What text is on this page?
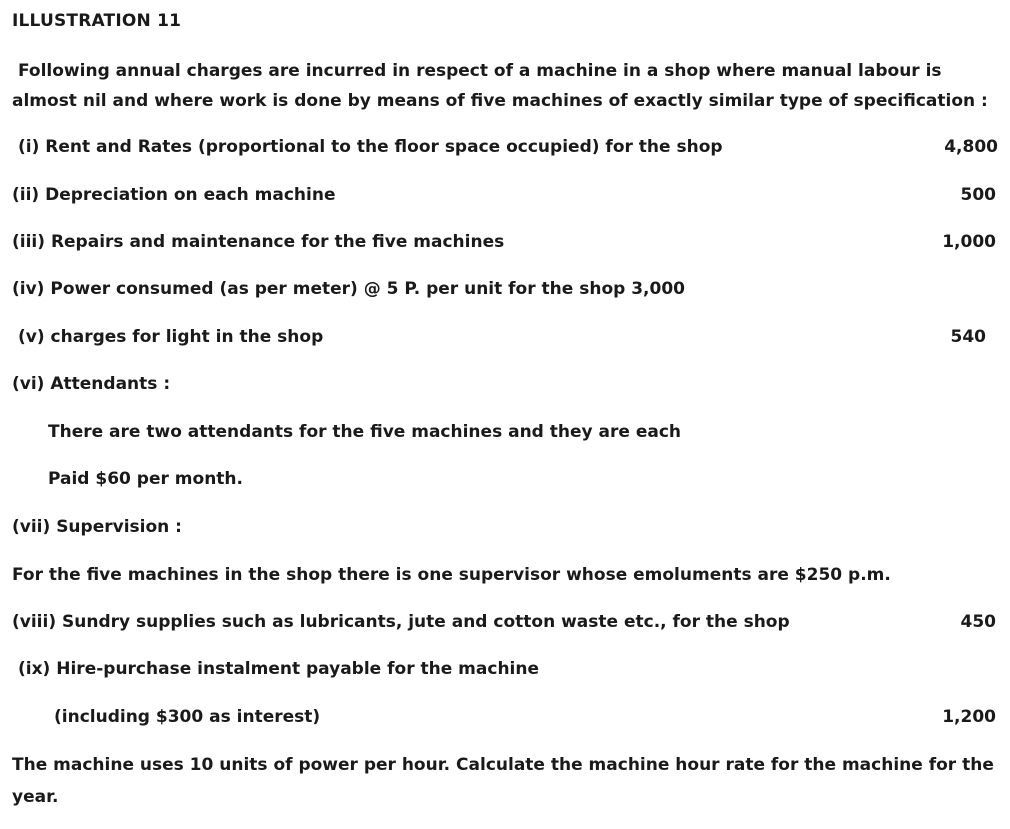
ILLUSTRATION 11
Following annual charges are incurred in respect of a machine in a shop where manual labour is
almost nil and where work is done by means of five machines of exactly similar type of specification :
(i) Rent and Rates (proportional to the floor space occupied) for the shop	4,800
(ii) Depreciation on each machine	500
(iii) Repairs and maintenance for the five machines	1,000
(iv) Power consumed (as per meter) @ 5 P. per unit for the shop 3,000
(v) charges for light in the shop	540
(vi) Attendants :
There are two attendants for the five machines and they are each
Paid $60 per month.
(vii) Supervision :
For the five machines in the shop there is one supervisor whose emoluments are $250 p.m.
(viii) Sundry supplies such as lubricants, jute and cotton waste etc., for the shop	450
(ix) Hire-purchase instalment payable for the machine
(including $300 as interest)	1,200
The machine uses 10 units of power per hour. Calculate the machine hour rate for the machine for the
year.
